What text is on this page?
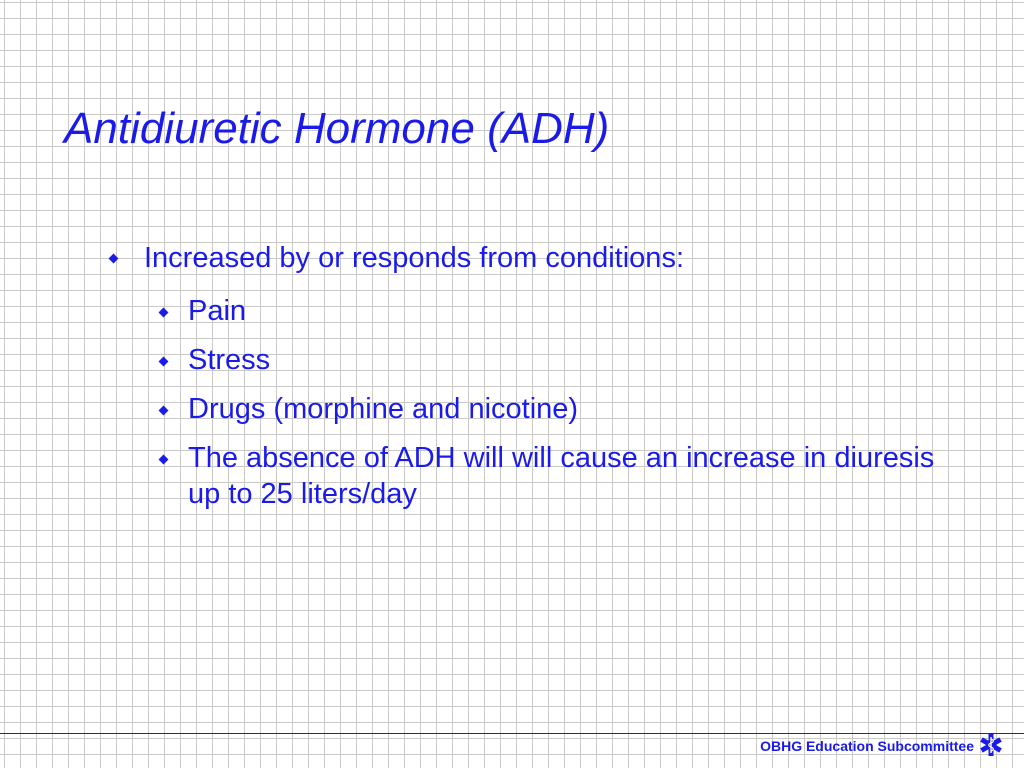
Antidiuretic Hormone (ADH)
Increased by or responds from conditions:
Pain
Stress
Drugs (morphine and nicotine)
The absence of ADH will will cause an increase in diuresis up to 25 liters/day
OBHG Education Subcommittee
